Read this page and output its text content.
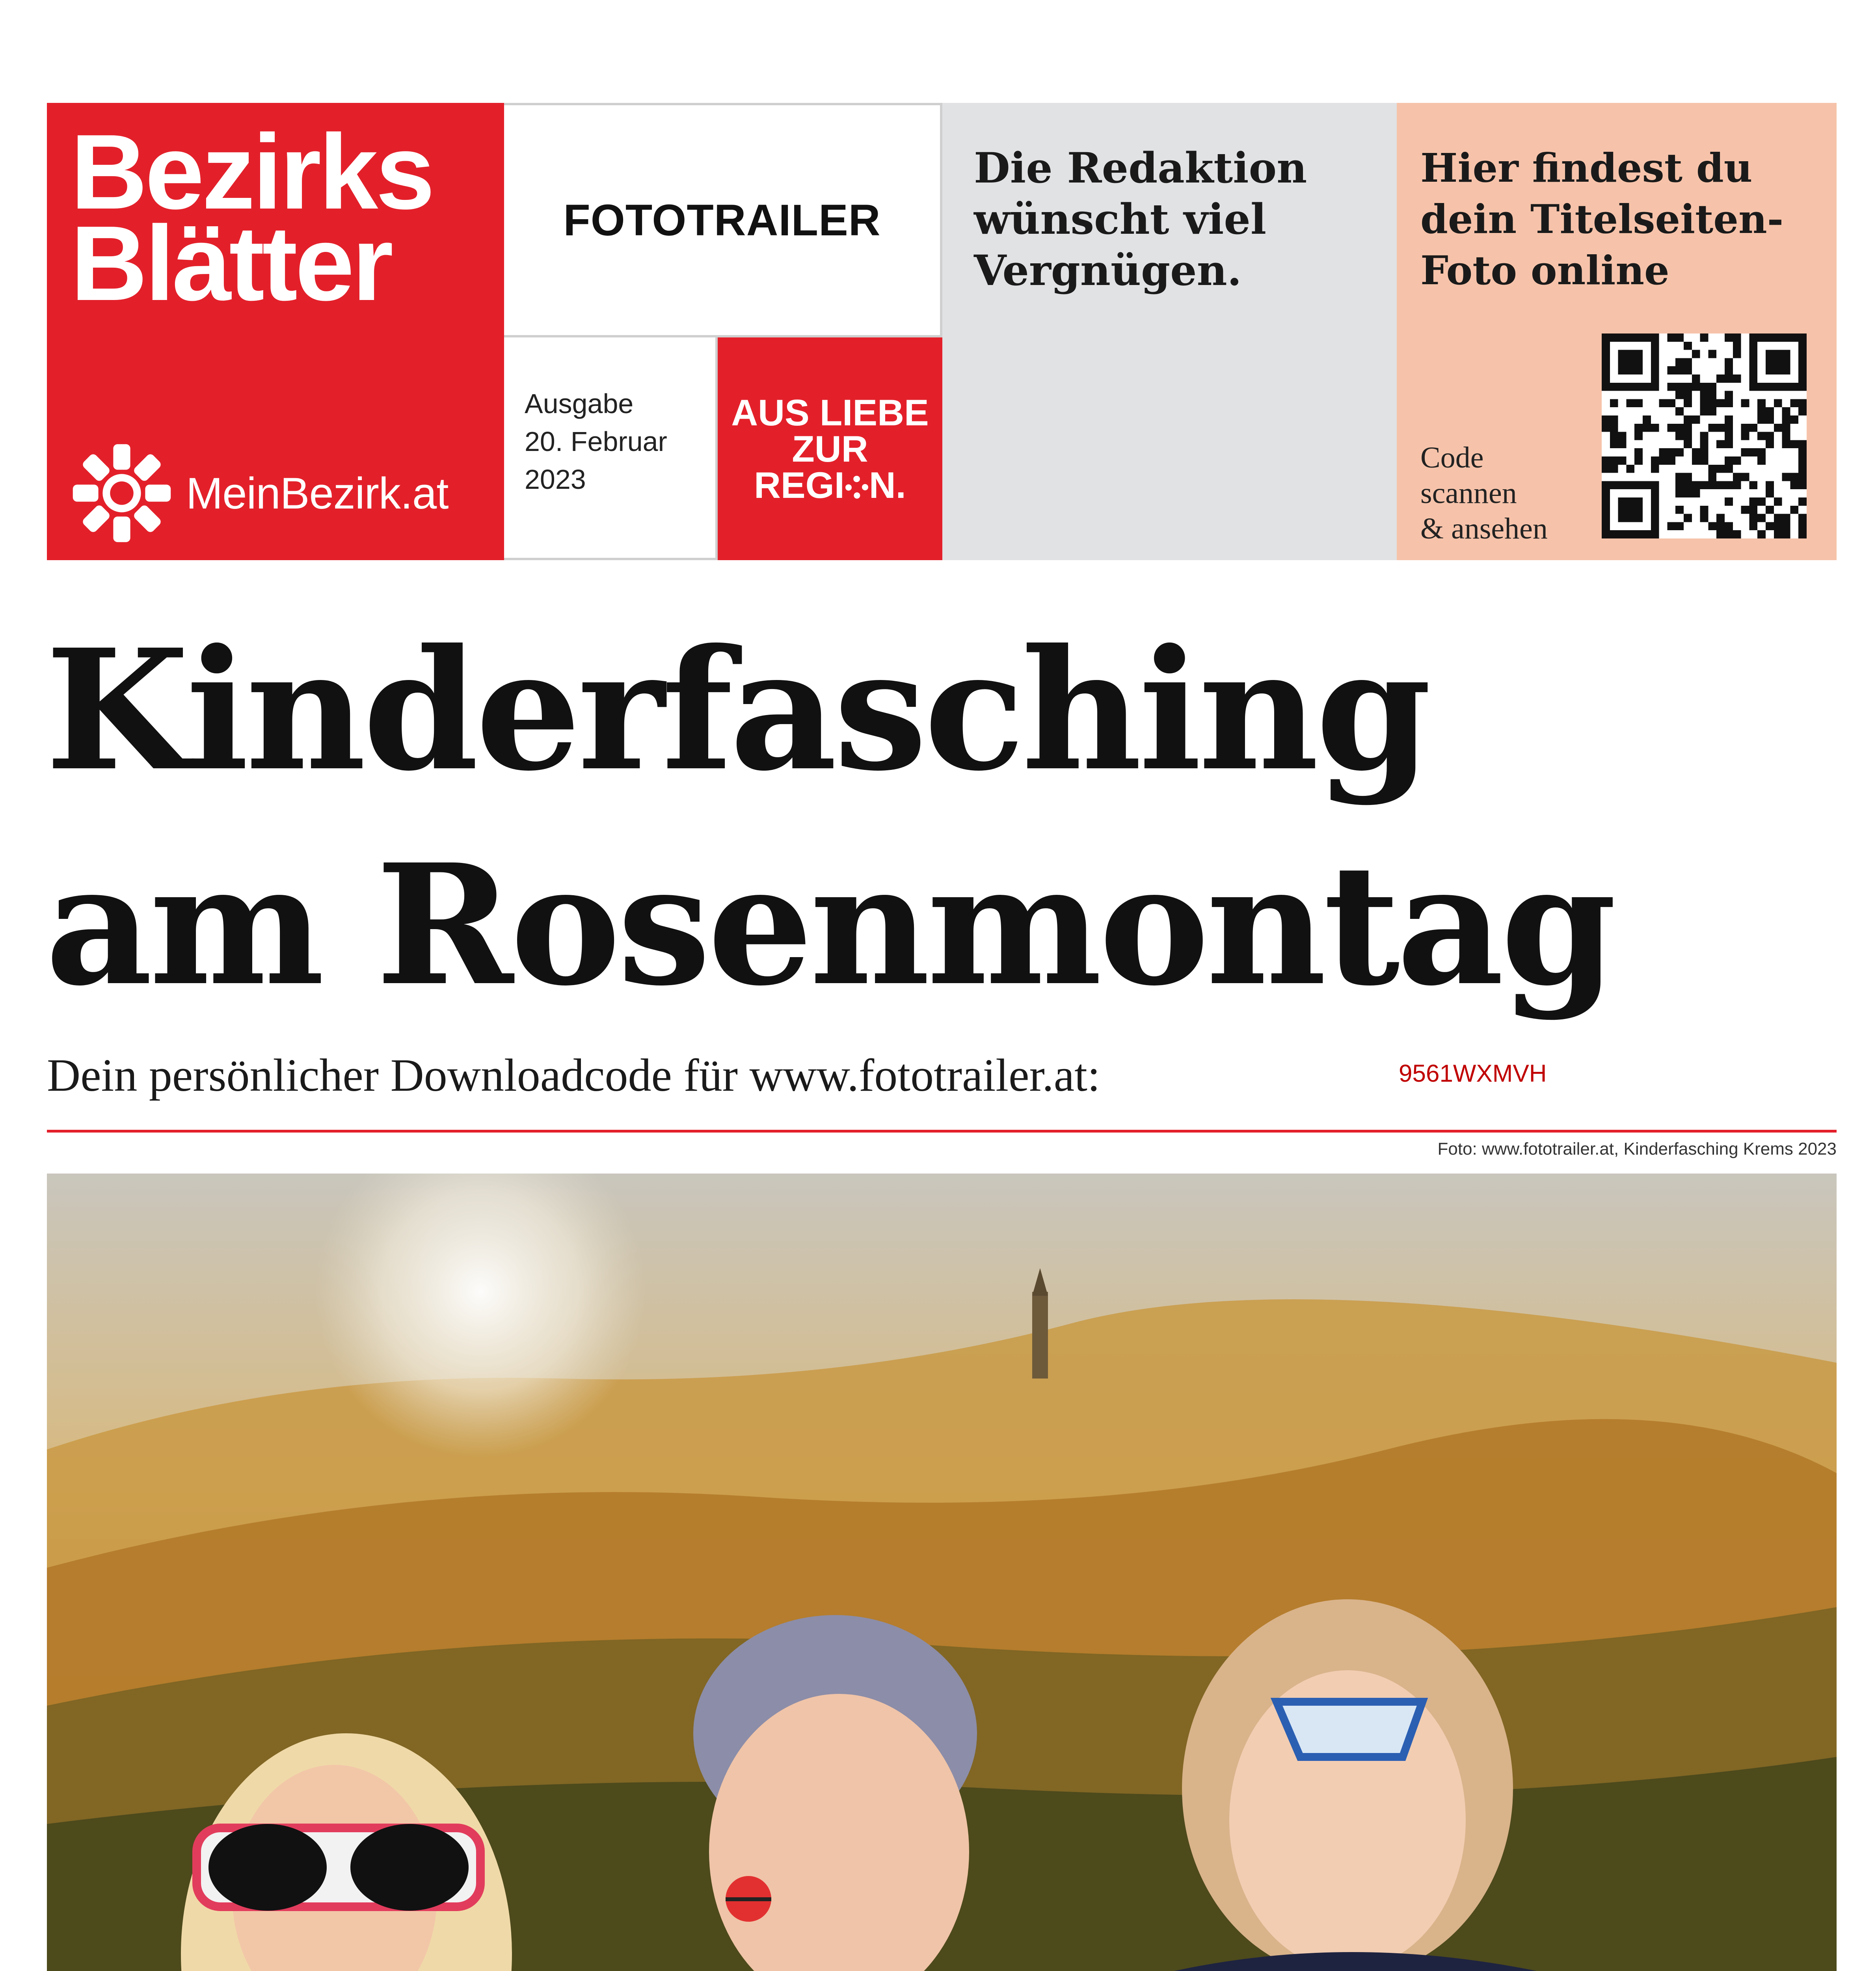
Bezirks
Blätter
MeinBezirk.at
FOTOTRAILER
Ausgabe
20. Februar
2023
AUS LIEBE
ZUR
REGI N.
Die Redaktion
wünscht viel
Vergnügen.
Hier findest du
dein Titelseiten-
Foto online
Code
scannen
& ansehen
Kinderfasching
am Rosenmontag
Dein persönlicher Downloadcode für www.fototrailer.at:	9561WXMVH
Foto: www.fototrailer.at, Kinderfasching Krems 2023
